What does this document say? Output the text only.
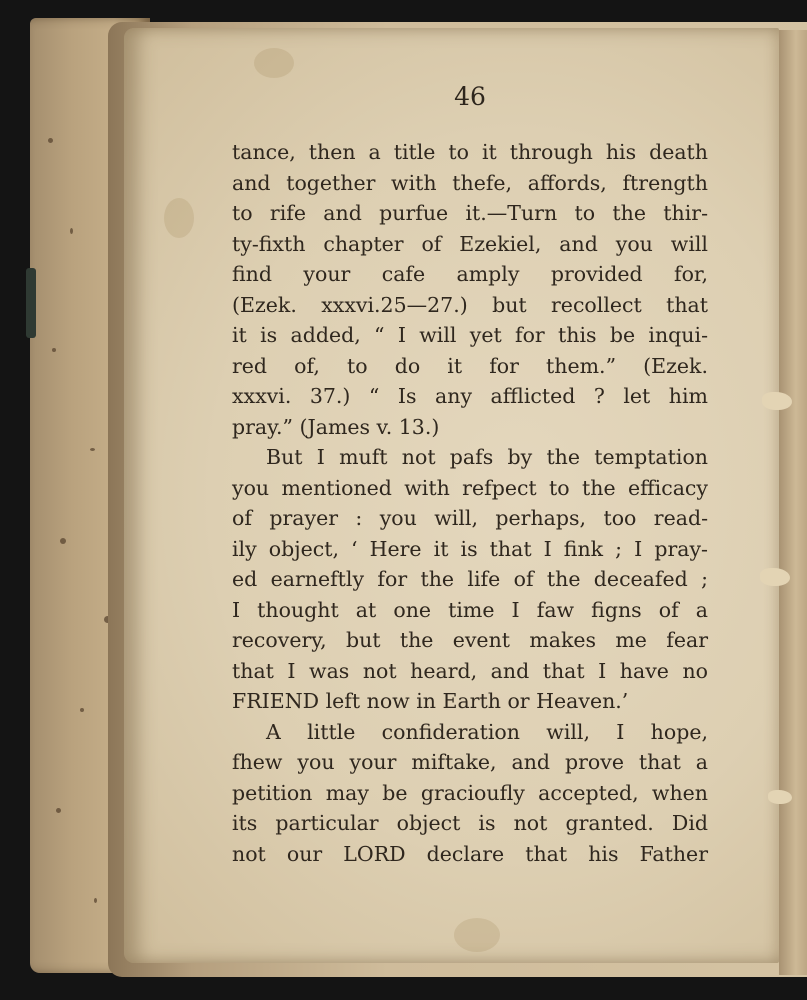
46
tance, then a title to it through his death
and together with thefe, affords, ftrength
to rife and purfue it.—Turn to the thir-
ty-fixth chapter of Ezekiel, and you will
find your cafe amply provided for,
(Ezek. xxxvi.25—27.) but recollect that
it is added, “ I will yet for this be inqui-
red of, to do it for them.” (Ezek.
xxxvi. 37.) “ Is any afflicted ? let him
pray.” (James v. 13.)
But I muft not pafs by the temptation
you mentioned with refpect to the efficacy
of prayer : you will, perhaps, too read-
ily object, ‘ Here it is that I fink ; I pray-
ed earneftly for the life of the deceafed ;
I thought at one time I faw figns of a
recovery, but the event makes me fear
that I was not heard, and that I have no
FRIEND left now in Earth or Heaven.’
A little confideration will, I hope,
fhew you your miftake, and prove that a
petition may be gracioufly accepted, when
its particular object is not granted. Did
not our LORD declare that his Father
